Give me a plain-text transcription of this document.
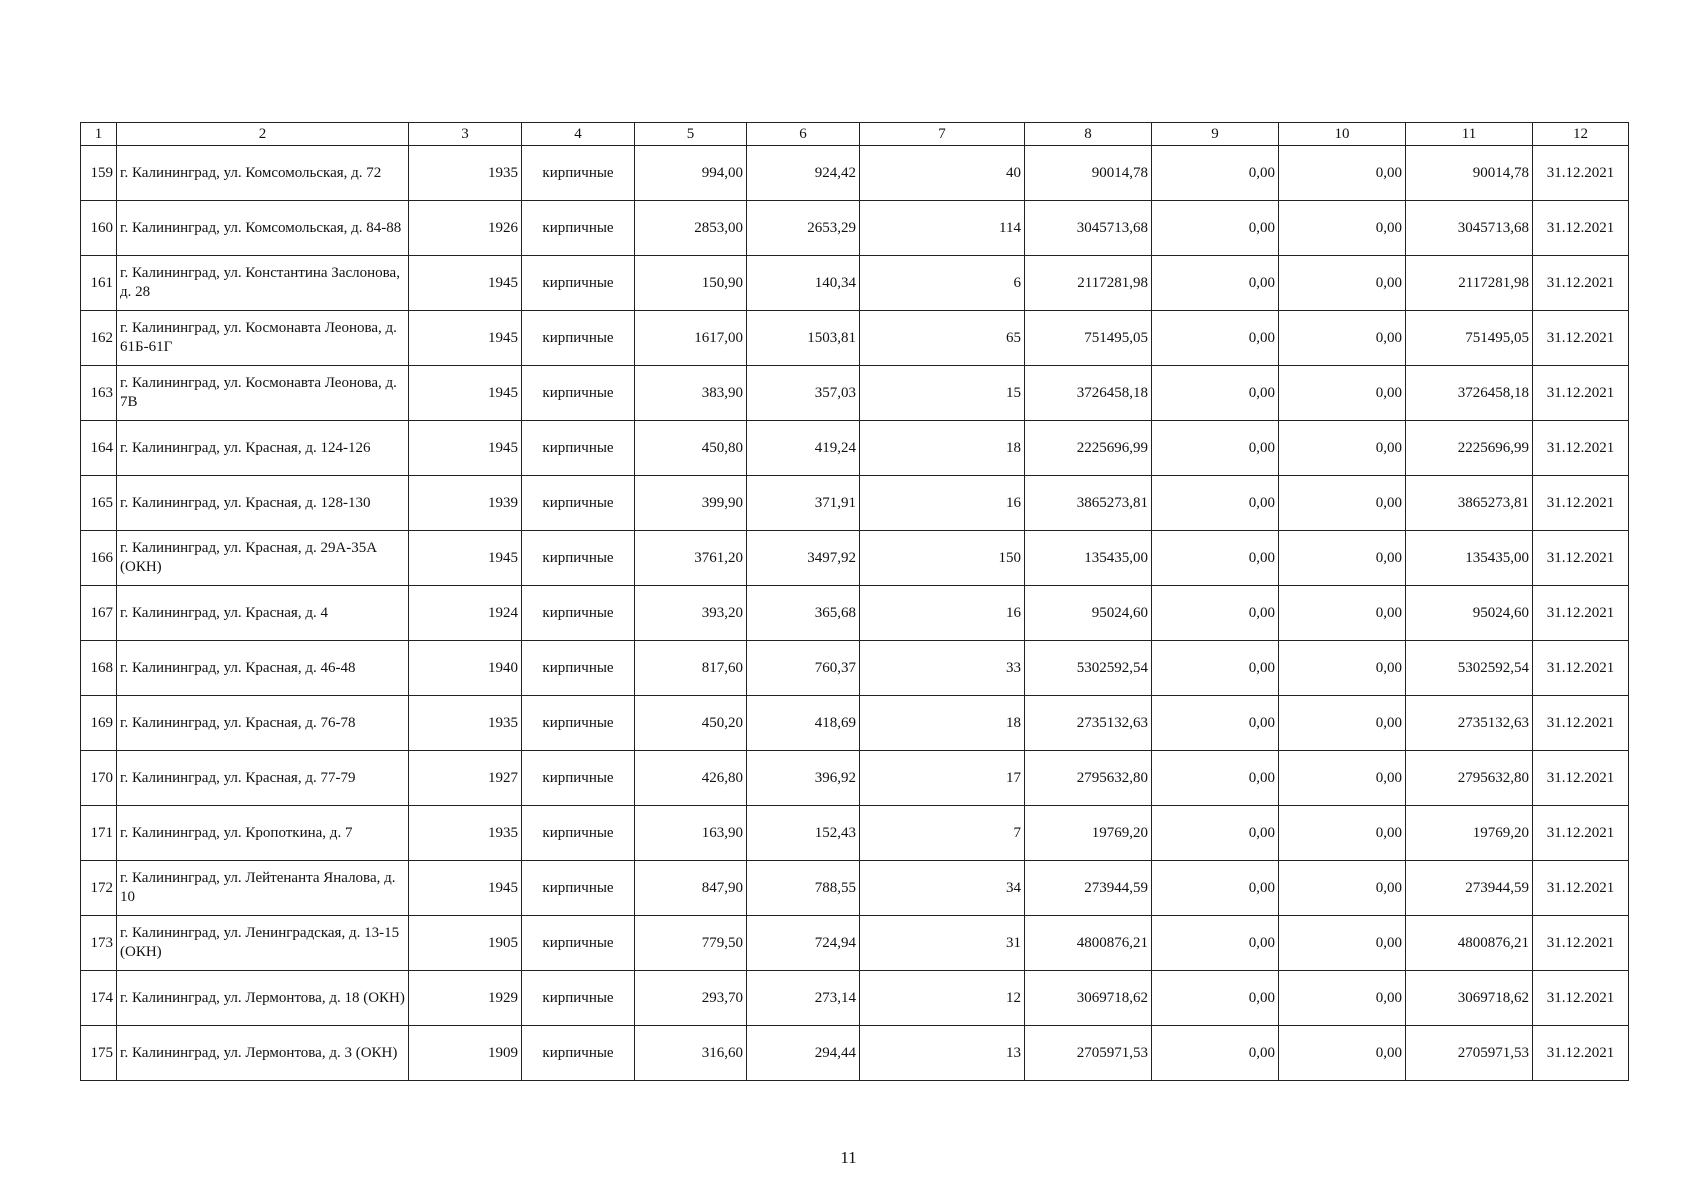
1	2	3	4	5	6	7	8	9	10	11	12
159	г. Калининград, ул. Комсомольская, д. 72	1935	кирпичные	994,00	924,42	40	90014,78	0,00	0,00	90014,78	31.12.2021
160	г. Калининград, ул. Комсомольская, д. 84-88	1926	кирпичные	2853,00	2653,29	114	3045713,68	0,00	0,00	3045713,68	31.12.2021
161	г. Калининград, ул. Константина Заслонова, д. 28	1945	кирпичные	150,90	140,34	6	2117281,98	0,00	0,00	2117281,98	31.12.2021
162	г. Калининград, ул. Космонавта Леонова, д. 61Б-61Г	1945	кирпичные	1617,00	1503,81	65	751495,05	0,00	0,00	751495,05	31.12.2021
163	г. Калининград, ул. Космонавта Леонова, д. 7В	1945	кирпичные	383,90	357,03	15	3726458,18	0,00	0,00	3726458,18	31.12.2021
164	г. Калининград, ул. Красная, д. 124-126	1945	кирпичные	450,80	419,24	18	2225696,99	0,00	0,00	2225696,99	31.12.2021
165	г. Калининград, ул. Красная, д. 128-130	1939	кирпичные	399,90	371,91	16	3865273,81	0,00	0,00	3865273,81	31.12.2021
166	г. Калининград, ул. Красная, д. 29А-35А (ОКН)	1945	кирпичные	3761,20	3497,92	150	135435,00	0,00	0,00	135435,00	31.12.2021
167	г. Калининград, ул. Красная, д. 4	1924	кирпичные	393,20	365,68	16	95024,60	0,00	0,00	95024,60	31.12.2021
168	г. Калининград, ул. Красная, д. 46-48	1940	кирпичные	817,60	760,37	33	5302592,54	0,00	0,00	5302592,54	31.12.2021
169	г. Калининград, ул. Красная, д. 76-78	1935	кирпичные	450,20	418,69	18	2735132,63	0,00	0,00	2735132,63	31.12.2021
170	г. Калининград, ул. Красная, д. 77-79	1927	кирпичные	426,80	396,92	17	2795632,80	0,00	0,00	2795632,80	31.12.2021
171	г. Калининград, ул. Кропоткина, д. 7	1935	кирпичные	163,90	152,43	7	19769,20	0,00	0,00	19769,20	31.12.2021
172	г. Калининград, ул. Лейтенанта Яналова, д. 10	1945	кирпичные	847,90	788,55	34	273944,59	0,00	0,00	273944,59	31.12.2021
173	г. Калининград, ул. Ленинградская, д. 13-15 (ОКН)	1905	кирпичные	779,50	724,94	31	4800876,21	0,00	0,00	4800876,21	31.12.2021
174	г. Калининград, ул. Лермонтова, д. 18 (ОКН)	1929	кирпичные	293,70	273,14	12	3069718,62	0,00	0,00	3069718,62	31.12.2021
175	г. Калининград, ул. Лермонтова, д. 3 (ОКН)	1909	кирпичные	316,60	294,44	13	2705971,53	0,00	0,00	2705971,53	31.12.2021
11
